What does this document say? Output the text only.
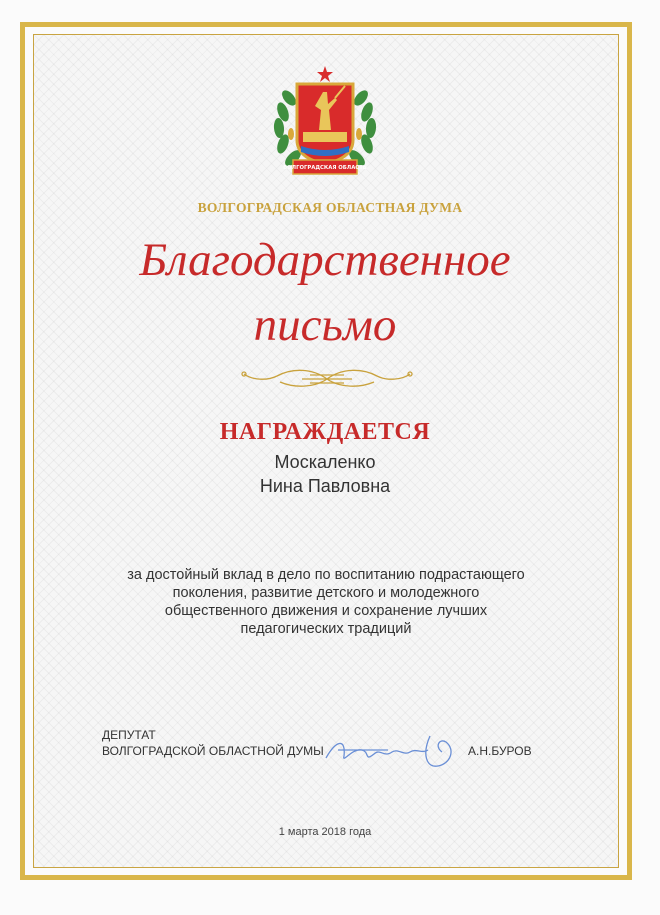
ВОЛГОГРАДСКАЯ ОБЛАСТЬ
ВОЛГОГРАДСКАЯ ОБЛАСТНАЯ ДУМА
Благодарственное
письмо
НАГРАЖДАЕТСЯ
Москаленко
Нина Павловна
за достойный вклад в дело по воспитанию подрастающего
поколения, развитие детского и молодежного
общественного движения и сохранение лучших
педагогических традиций
ДЕПУТАТ
ВОЛГОГРАДСКОЙ ОБЛАСТНОЙ ДУМЫ	А.Н.БУРОВ
1 марта 2018 года
